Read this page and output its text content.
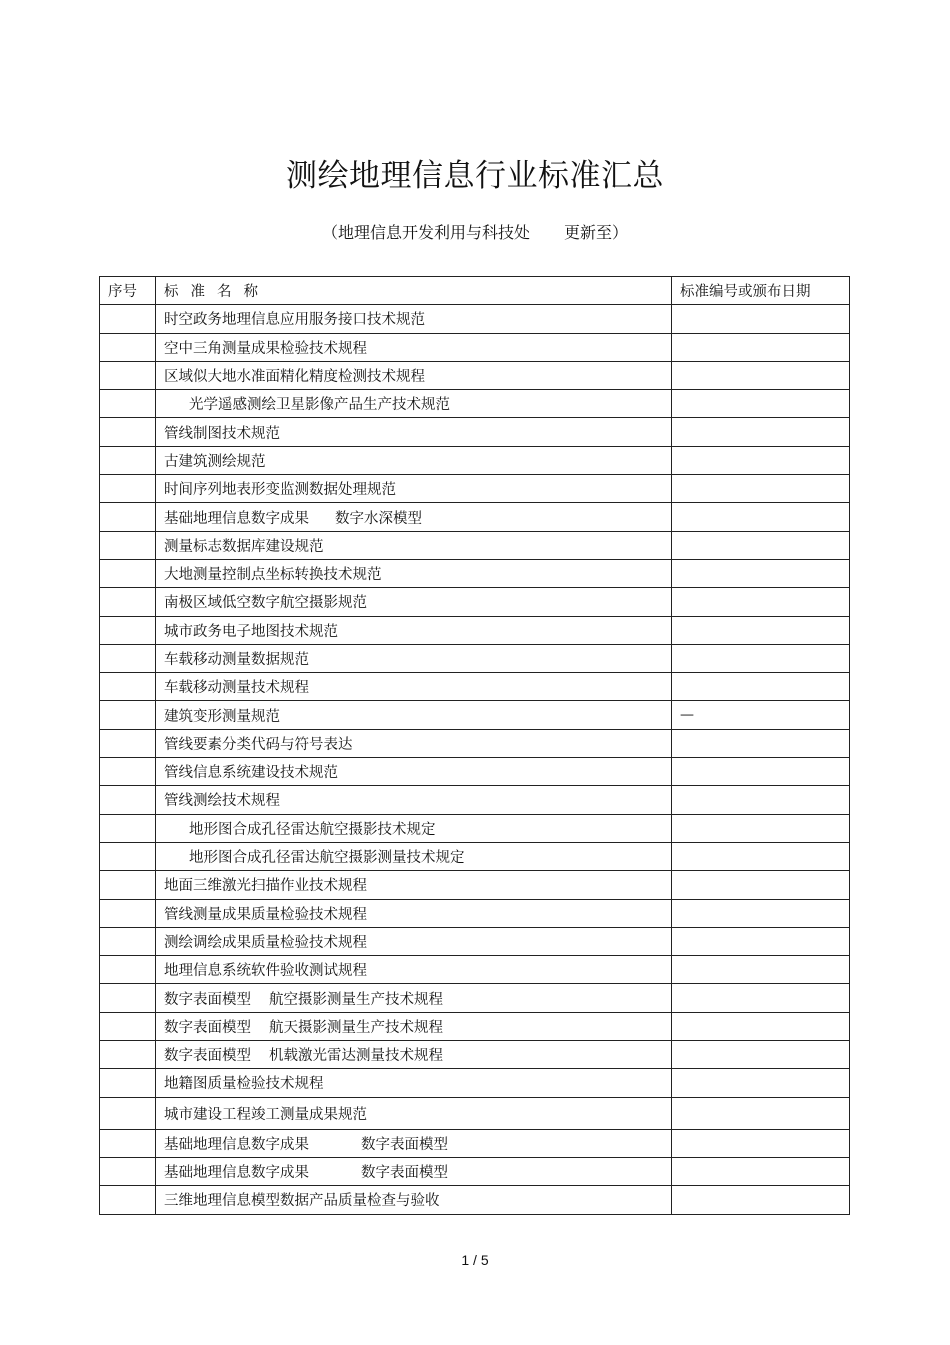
测绘地理信息行业标准汇总
（地理信息开发利用与科技处 更新至）
序号	标准名称	标准编号或颁布日期
	时空政务地理信息应用服务接口技术规范	
	空中三角测量成果检验技术规程	
	区域似大地水准面精化精度检测技术规程	
	光学遥感测绘卫星影像产品生产技术规范	
	管线制图技术规范	
	古建筑测绘规范	
	时间序列地表形变监测数据处理规范	
	基础地理信息数字成果 数字水深模型	
	测量标志数据库建设规范	
	大地测量控制点坐标转换技术规范	
	南极区域低空数字航空摄影规范	
	城市政务电子地图技术规范	
	车载移动测量数据规范	
	车载移动测量技术规程	
	建筑变形测量规范	—
	管线要素分类代码与符号表达	
	管线信息系统建设技术规范	
	管线测绘技术规程	
	地形图合成孔径雷达航空摄影技术规定	
	地形图合成孔径雷达航空摄影测量技术规定	
	地面三维激光扫描作业技术规程	
	管线测量成果质量检验技术规程	
	测绘调绘成果质量检验技术规程	
	地理信息系统软件验收测试规程	
	数字表面模型 航空摄影测量生产技术规程	
	数字表面模型 航天摄影测量生产技术规程	
	数字表面模型 机载激光雷达测量技术规程	
	地籍图质量检验技术规程	
	城市建设工程竣工测量成果规范	
	基础地理信息数字成果 数字表面模型	
	基础地理信息数字成果 数字表面模型	
	三维地理信息模型数据产品质量检查与验收	
1 / 5
